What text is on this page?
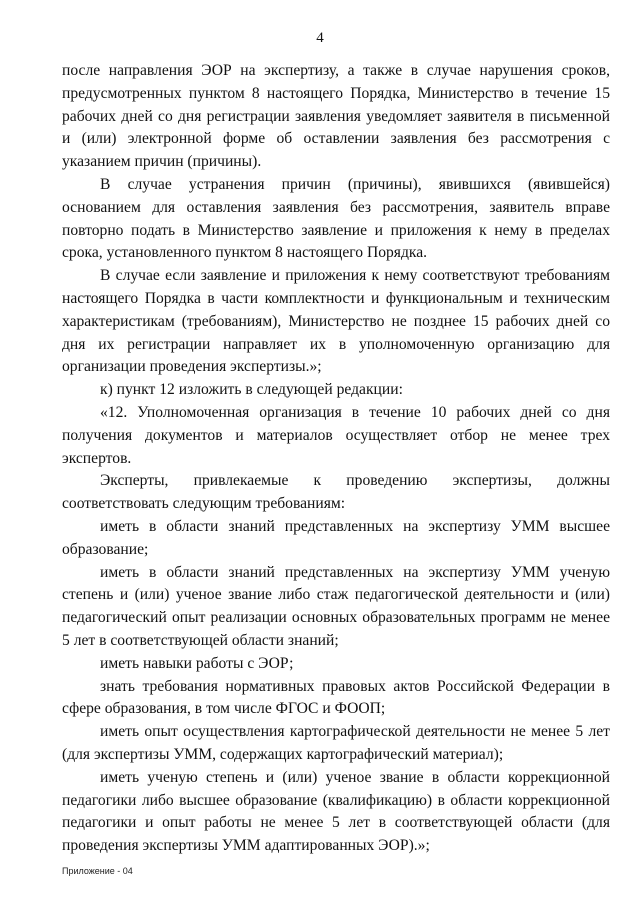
4

после направления ЭОР на экспертизу, а также в случае нарушения сроков, предусмотренных пунктом 8 настоящего Порядка, Министерство в течение 15 рабочих дней со дня регистрации заявления уведомляет заявителя в письменной и (или) электронной форме об оставлении заявления без рассмотрения с указанием причин (причины).

В случае устранения причин (причины), явившихся (явившейся) основанием для оставления заявления без рассмотрения, заявитель вправе повторно подать в Министерство заявление и приложения к нему в пределах срока, установленного пунктом 8 настоящего Порядка.

В случае если заявление и приложения к нему соответствуют требованиям настоящего Порядка в части комплектности и функциональным и техническим характеристикам (требованиям), Министерство не позднее 15 рабочих дней со дня их регистрации направляет их в уполномоченную организацию для организации проведения экспертизы.»;

к) пункт 12 изложить в следующей редакции:

«12. Уполномоченная организация в течение 10 рабочих дней со дня получения документов и материалов осуществляет отбор не менее трех экспертов.

Эксперты, привлекаемые к проведению экспертизы, должны соответствовать следующим требованиям:

иметь в области знаний представленных на экспертизу УММ высшее образование;

иметь в области знаний представленных на экспертизу УММ ученую степень и (или) ученое звание либо стаж педагогической деятельности и (или) педагогический опыт реализации основных образовательных программ не менее 5 лет в соответствующей области знаний;

иметь навыки работы с ЭОР;

знать требования нормативных правовых актов Российской Федерации в сфере образования, в том числе ФГОС и ФООП;

иметь опыт осуществления картографической деятельности не менее 5 лет (для экспертизы УММ, содержащих картографический материал);

иметь ученую степень и (или) ученое звание в области коррекционной педагогики либо высшее образование (квалификацию) в области коррекционной педагогики и опыт работы не менее 5 лет в соответствующей области (для проведения экспертизы УММ адаптированных ЭОР).»;

Приложение - 04
